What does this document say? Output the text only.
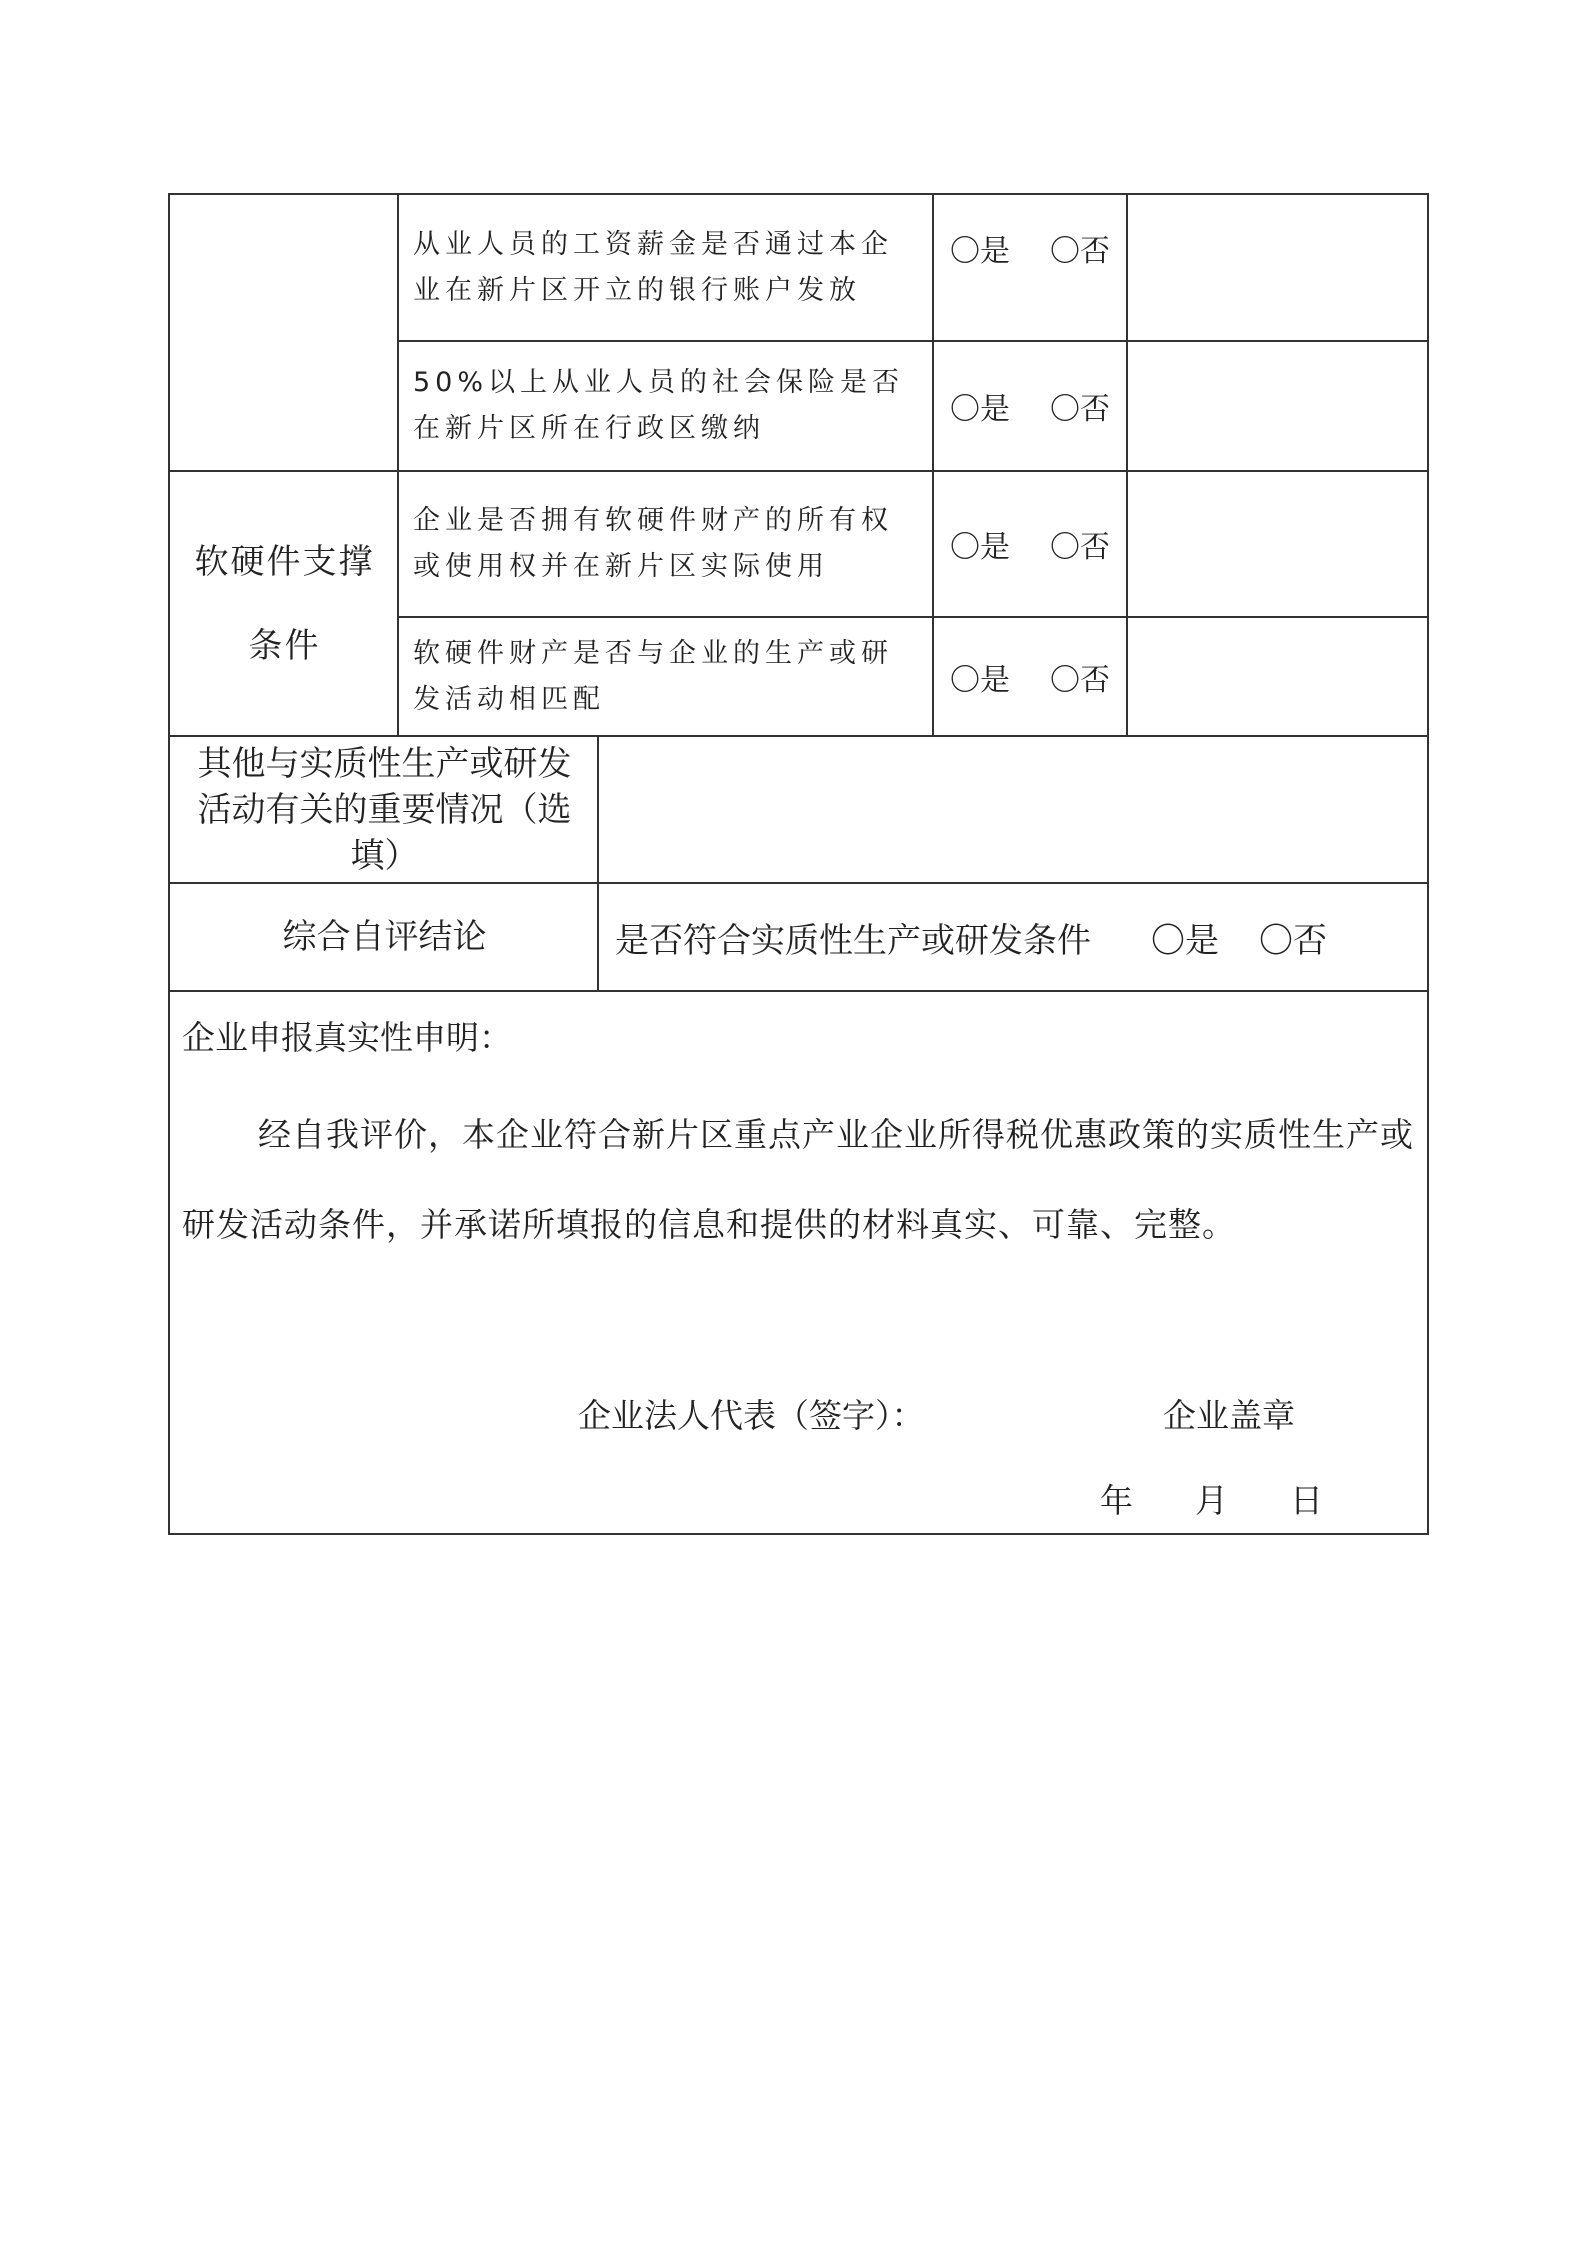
从业人员的工资薪金是否通过本企业在新片区开立的银行账户发放
〇是 〇否
50%以上从业人员的社会保险是否在新片区所在行政区缴纳
〇是 〇否
软硬件支撑条件
企业是否拥有软硬件财产的所有权或使用权并在新片区实际使用
〇是 〇否
软硬件财产是否与企业的生产或研发活动相匹配
〇是 〇否
其他与实质性生产或研发活动有关的重要情况（选填）
综合自评结论	是否符合实质性生产或研发条件 〇是 〇否
企业申报真实性申明：
经自我评价，本企业符合新片区重点产业企业所得税优惠政策的实质性生产或研发活动条件，并承诺所填报的信息和提供的材料真实、可靠、完整。
企业法人代表（签字）：	企业盖章
年 月 日
